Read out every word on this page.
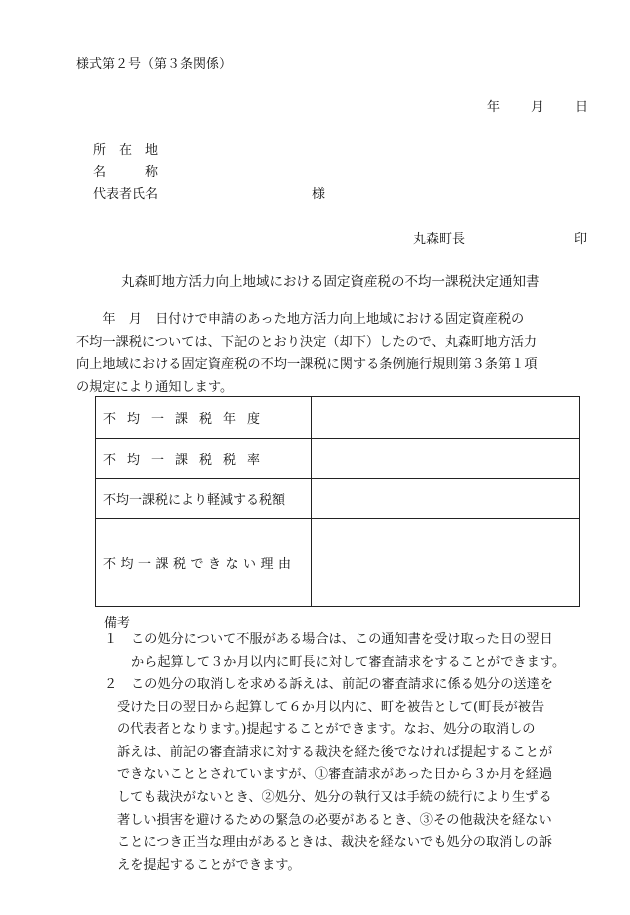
様式第２号（第３条関係）
年 月 日
所　在　地
名　　　称
代表者氏名	様
丸森町長	印
丸森町地方活力向上地域における固定資産税の不均一課税決定通知書
　　年　月　日付けで申請のあった地方活力向上地域における固定資産税の
不均一課税については、下記のとおり決定（却下）したので、丸森町地方活力
向上地域における固定資産税の不均一課税に関する条例施行規則第３条第１項
の規定により通知します。
不均一課税年度	
不均一課税税率	
不均一課税により軽減する税額	
不均一課税できない理由	
備考
１ この処分について不服がある場合は、この通知書を受け取った日の翌日
から起算して３か月以内に町長に対して審査請求をすることができます。
２ この処分の取消しを求める訴えは、前記の審査請求に係る処分の送達を
受けた日の翌日から起算して６か月以内に、町を被告として(町長が被告
の代表者となります。)提起することができます。なお、処分の取消しの
訴えは、前記の審査請求に対する裁決を経た後でなければ提起することが
できないこととされていますが、①審査請求があった日から３か月を経過
しても裁決がないとき、②処分、処分の執行又は手続の続行により生ずる
著しい損害を避けるための緊急の必要があるとき、③その他裁決を経ない
ことにつき正当な理由があるときは、裁決を経ないでも処分の取消しの訴
えを提起することができます。
